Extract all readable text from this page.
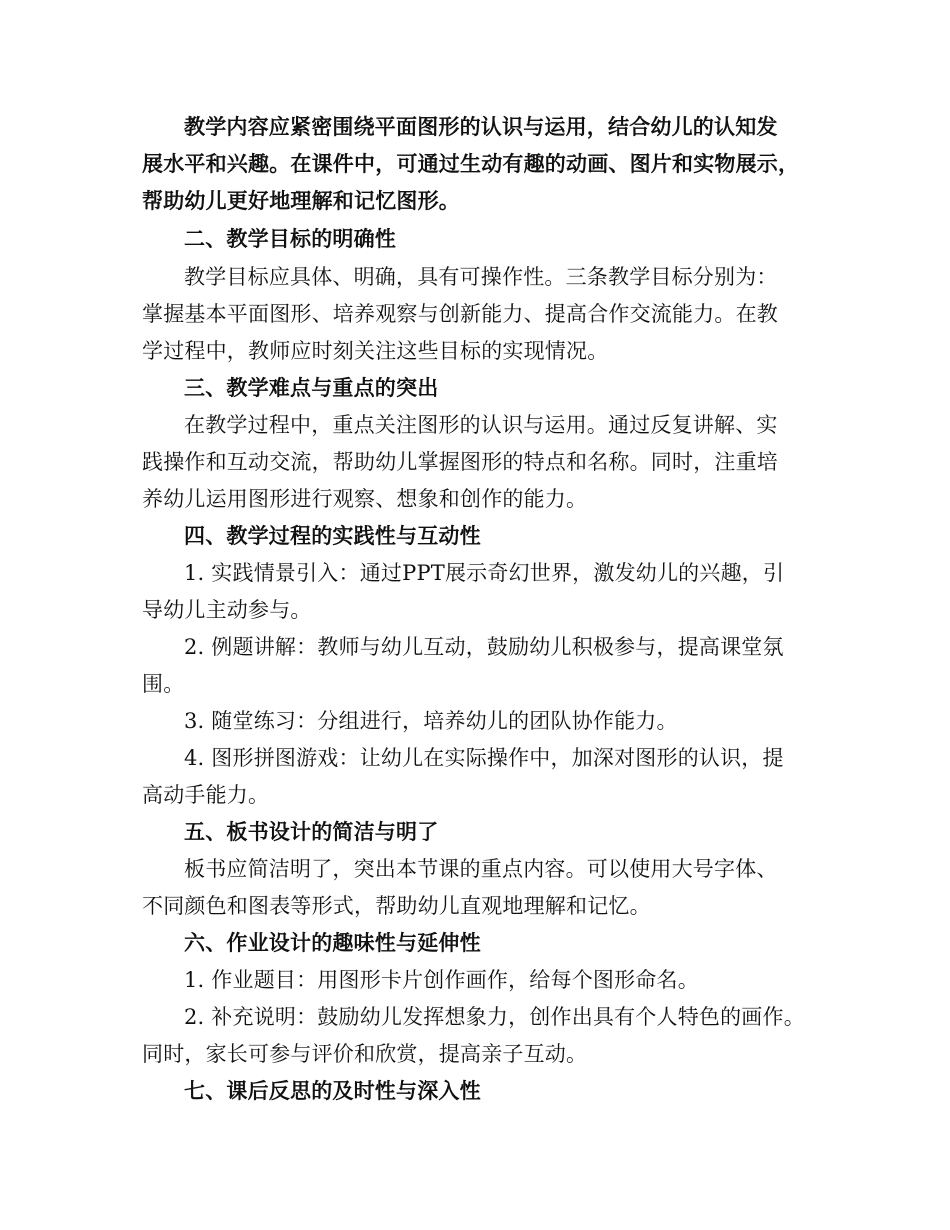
教学内容应紧密围绕平面图形的认识与运用，结合幼儿的认知发
展水平和兴趣。在课件中，可通过生动有趣的动画、图片和实物展示，
帮助幼儿更好地理解和记忆图形。
二、教学目标的明确性
教学目标应具体、明确，具有可操作性。三条教学目标分别为：
掌握基本平面图形、培养观察与创新能力、提高合作交流能力。在教
学过程中，教师应时刻关注这些目标的实现情况。
三、教学难点与重点的突出
在教学过程中，重点关注图形的认识与运用。通过反复讲解、实
践操作和互动交流，帮助幼儿掌握图形的特点和名称。同时，注重培
养幼儿运用图形进行观察、想象和创作的能力。
四、教学过程的实践性与互动性
1. 实践情景引入：通过PPT展示奇幻世界，激发幼儿的兴趣，引
导幼儿主动参与。
2. 例题讲解：教师与幼儿互动，鼓励幼儿积极参与，提高课堂氛
围。
3. 随堂练习：分组进行，培养幼儿的团队协作能力。
4. 图形拼图游戏：让幼儿在实际操作中，加深对图形的认识，提
高动手能力。
五、板书设计的简洁与明了
板书应简洁明了，突出本节课的重点内容。可以使用大号字体、
不同颜色和图表等形式，帮助幼儿直观地理解和记忆。
六、作业设计的趣味性与延伸性
1. 作业题目：用图形卡片创作画作，给每个图形命名。
2. 补充说明：鼓励幼儿发挥想象力，创作出具有个人特色的画作。
同时，家长可参与评价和欣赏，提高亲子互动。
七、课后反思的及时性与深入性
